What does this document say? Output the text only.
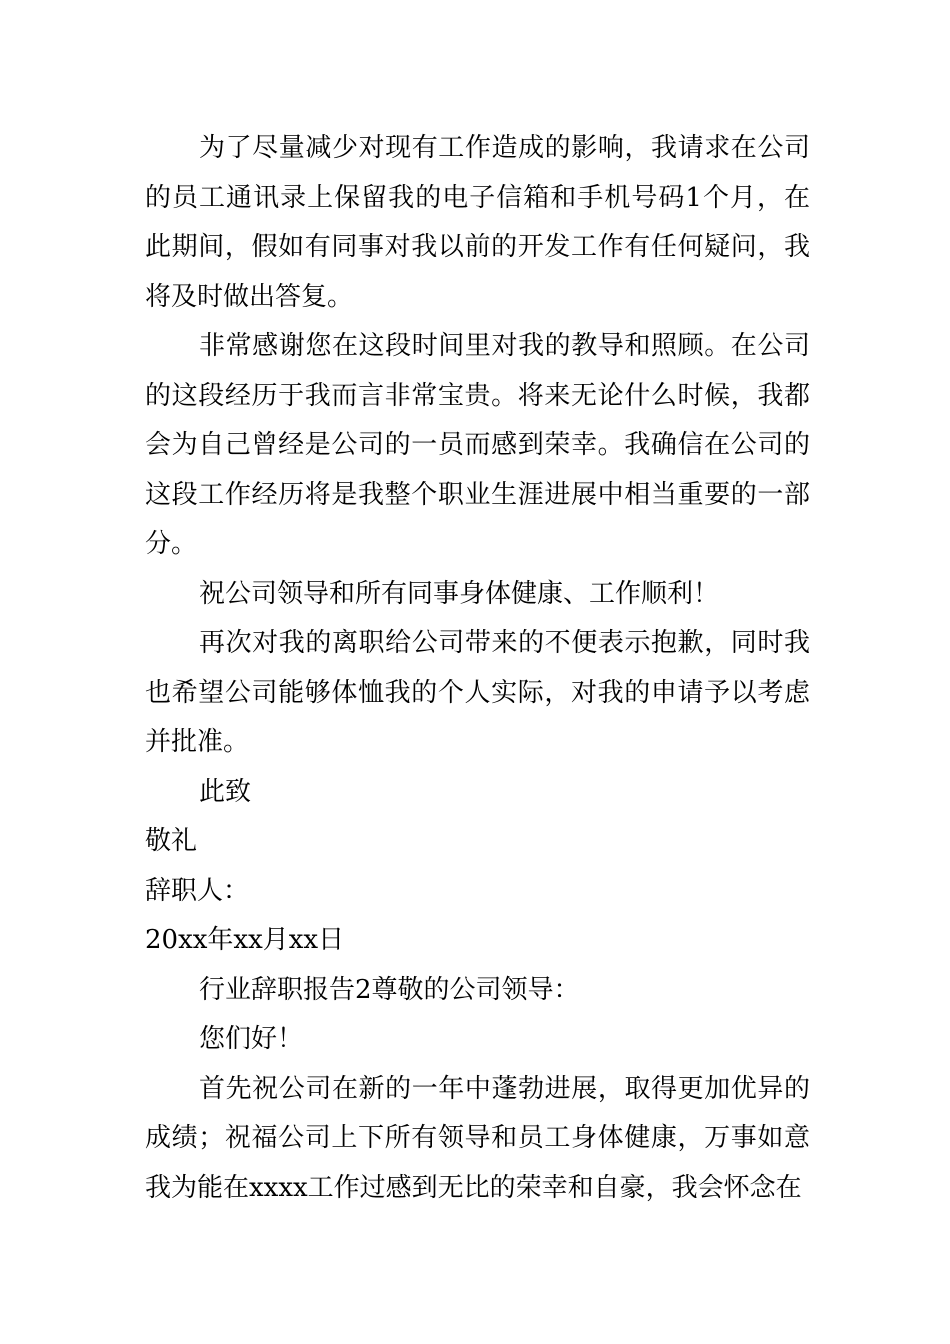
为了尽量减少对现有工作造成的影响，我请求在公司的员工通讯录上保留我的电子信箱和手机号码1个月，在此期间，假如有同事对我以前的开发工作有任何疑问，我将及时做出答复。

非常感谢您在这段时间里对我的教导和照顾。在公司的这段经历于我而言非常宝贵。将来无论什么时候，我都会为自己曾经是公司的一员而感到荣幸。我确信在公司的这段工作经历将是我整个职业生涯进展中相当重要的一部分。

祝公司领导和所有同事身体健康、工作顺利！

再次对我的离职给公司带来的不便表示抱歉，同时我也希望公司能够体恤我的个人实际，对我的申请予以考虑并批准。

此致

敬礼

辞职人：

20xx年xx月xx日

行业辞职报告2尊敬的公司领导：

您们好！

首先祝公司在新的一年中蓬勃进展，取得更加优异的成绩；祝福公司上下所有领导和员工身体健康，万事如意我为能在xxxx工作过感到无比的荣幸和自豪，我会怀念在
